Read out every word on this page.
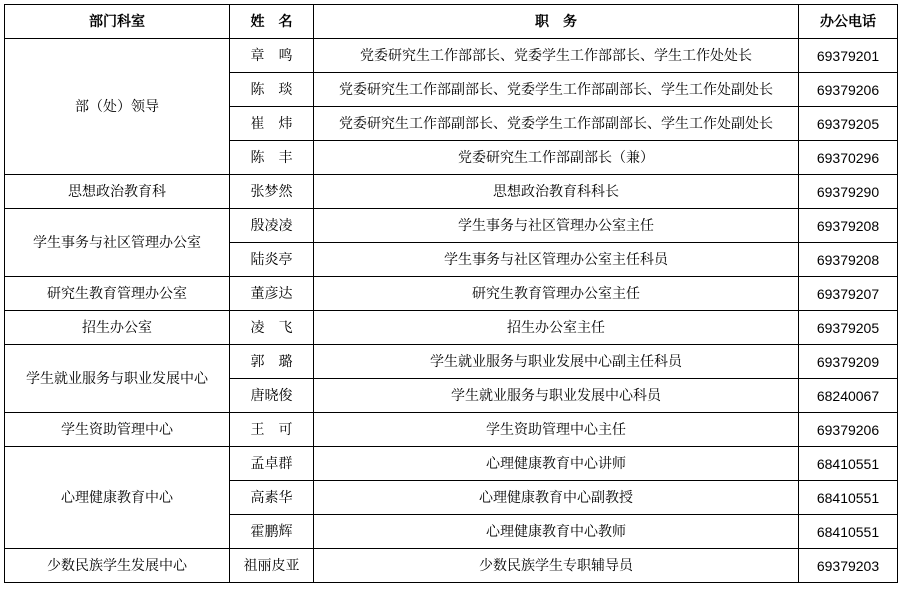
部门科室	姓　名	职　务	办公电话
部（处）领导	章　鸣	党委研究生工作部部长、党委学生工作部部长、学生工作处处长	69379201
	陈　琰	党委研究生工作部副部长、党委学生工作部副部长、学生工作处副处长	69379206
	崔　炜	党委研究生工作部副部长、党委学生工作部副部长、学生工作处副处长	69379205
	陈　丰	党委研究生工作部副部长（兼）	69370296
思想政治教育科	张梦然	思想政治教育科科长	69379290
学生事务与社区管理办公室	殷凌凌	学生事务与社区管理办公室主任	69379208
	陆炎亭	学生事务与社区管理办公室主任科员	69379208
研究生教育管理办公室	董彦达	研究生教育管理办公室主任	69379207
招生办公室	凌　飞	招生办公室主任	69379205
学生就业服务与职业发展中心	郭　璐	学生就业服务与职业发展中心副主任科员	69379209
	唐晓俊	学生就业服务与职业发展中心科员	68240067
学生资助管理中心	王　可	学生资助管理中心主任	69379206
心理健康教育中心	孟卓群	心理健康教育中心讲师	68410551
	高素华	心理健康教育中心副教授	68410551
	霍鹏辉	心理健康教育中心教师	68410551
少数民族学生发展中心	祖丽皮亚	少数民族学生专职辅导员	69379203
